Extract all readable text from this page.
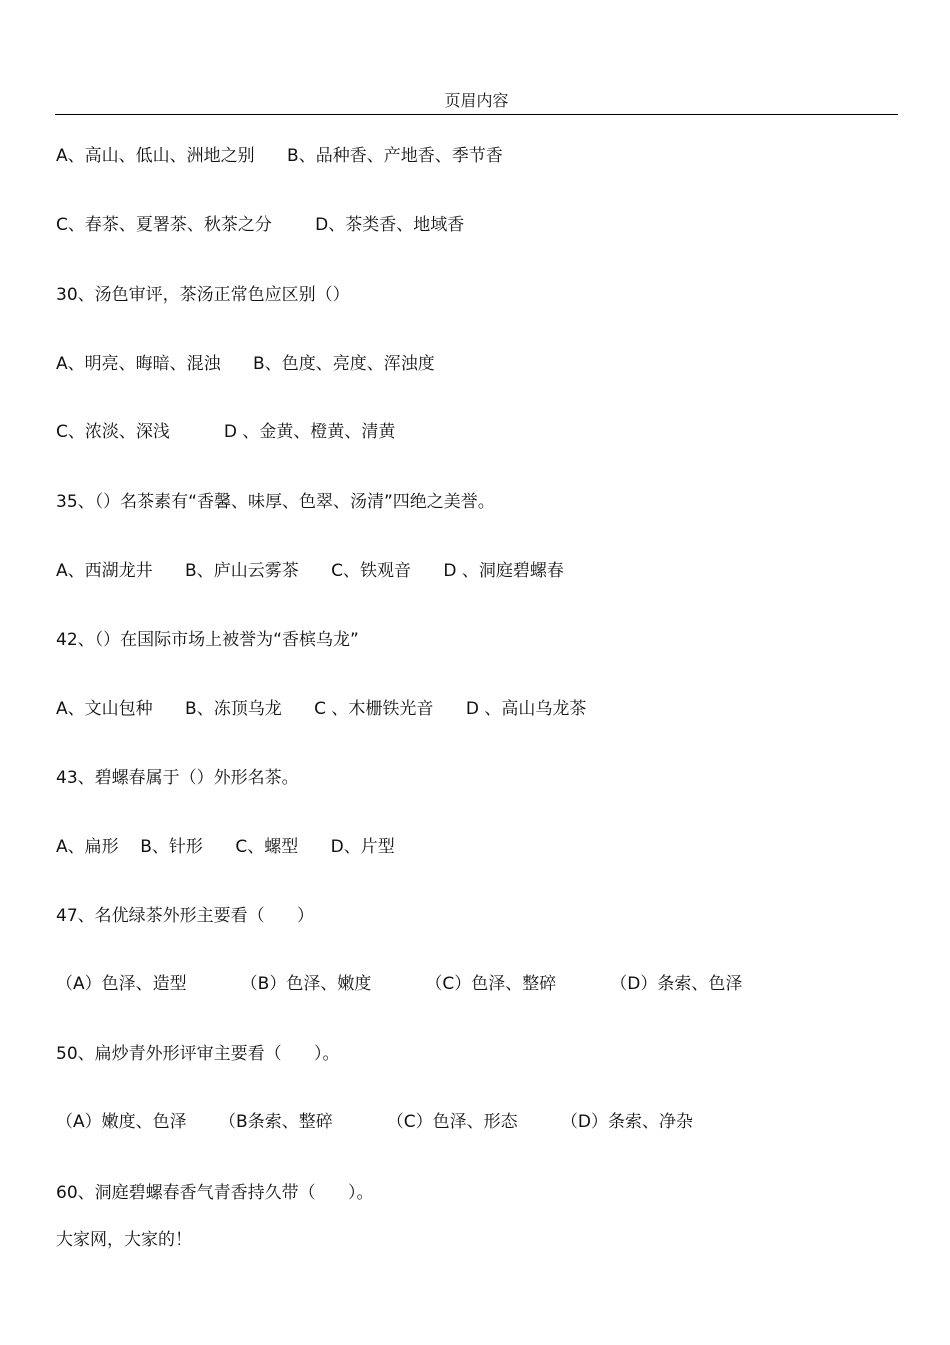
页眉内容
A、高山、低山、洲地之别      B、品种香、产地香、季节香
C、春茶、夏署茶、秋茶之分        D、茶类香、地域香
30、汤色审评，茶汤正常色应区别（）
A、明亮、晦暗、混浊      B、色度、亮度、浑浊度
C、浓淡、深浅          D 、金黄、橙黄、清黄
35、（）名茶素有“香馨、味厚、色翠、汤清”四绝之美誉。
A、西湖龙井      B、庐山云雾茶      C、铁观音      D 、洞庭碧螺春
42、（）在国际市场上被誉为“香槟乌龙”
A、文山包种      B、冻顶乌龙      C 、木栅铁光音      D 、高山乌龙茶
43、碧螺春属于（）外形名茶。
A、扁形    B、针形      C、螺型      D、片型
47、名优绿茶外形主要看（      ）
（A）色泽、造型          （B）色泽、嫩度          （C）色泽、整碎          （D）条索、色泽
50、扁炒青外形评审主要看（      ）。
（A）嫩度、色泽      （B条索、整碎          （C）色泽、形态        （D）条索、净杂
60、洞庭碧螺春香气青香持久带（      ）。
大家网，大家的！
